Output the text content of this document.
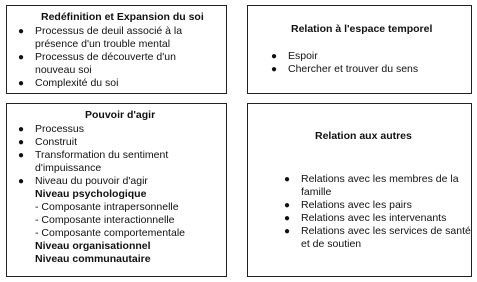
Redéfinition et Expansion du soi
● Processus de deuil associé à la présence d'un trouble mental
● Processus de découverte d'un nouveau soi
● Complexité du soi
Relation à l'espace temporel
● Espoir
● Chercher et trouver du sens
Pouvoir d'agir
● Processus
● Construit
● Transformation du sentiment d'impuissance
● Niveau du pouvoir d'agir
Niveau psychologique
- Composante intrapersonnelle
- Composante interactionnelle
- Composante comportementale
Niveau organisationnel
Niveau communautaire
Relation aux autres
● Relations avec les membres de la famille
● Relations avec les pairs
● Relations avec les intervenants
● Relations avec les services de santé et de soutien
